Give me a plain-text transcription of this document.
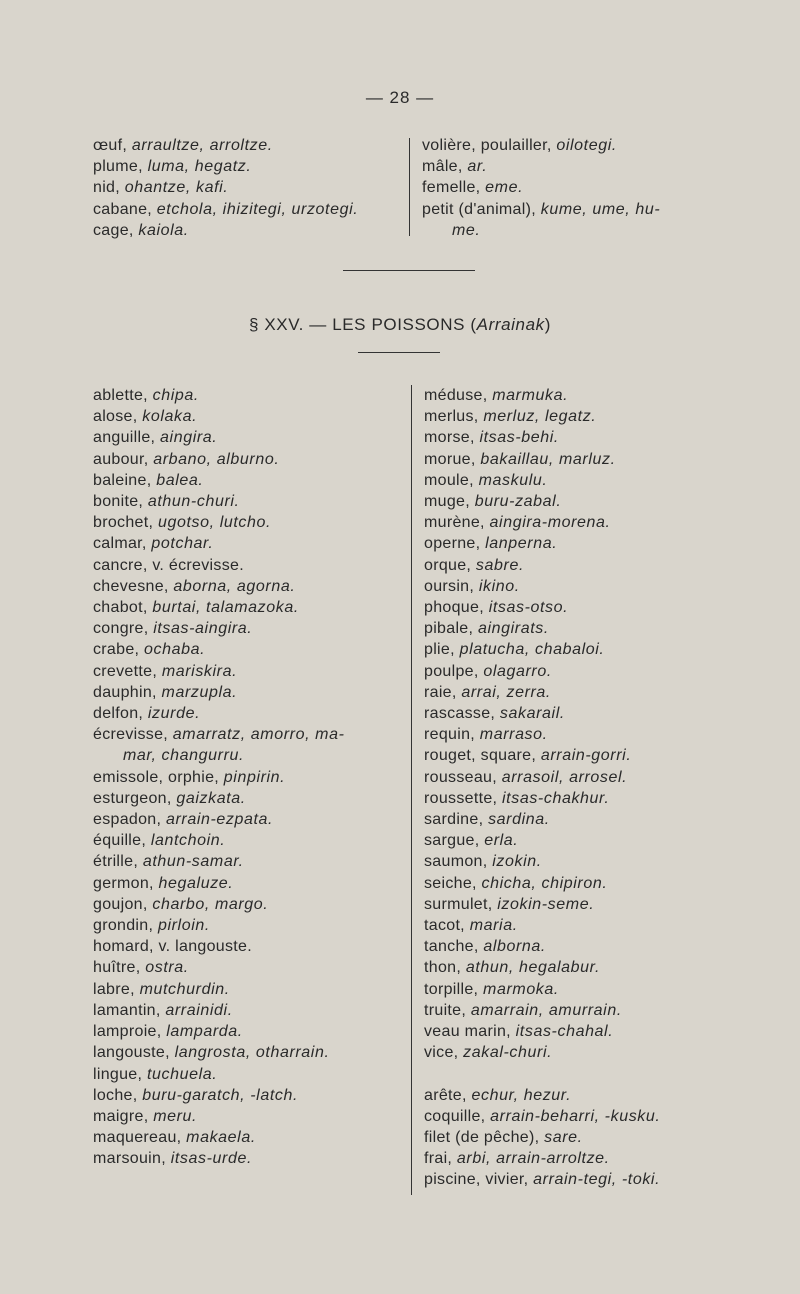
— 28 —
œuf, arraultze, arroltze.
plume, luma, hegatz.
nid, ohantze, kafi.
cabane, etchola, ihizitegi, urzotegi.
cage, kaiola.
volière, poulailler, oilotegi.
mâle, ar.
femelle, eme.
petit (d'animal), kume, ume, hu-
me.
§ XXV. — LES POISSONS (Arrainak)
ablette, chipa.
alose, kolaka.
anguille, aingira.
aubour, arbano, alburno.
baleine, balea.
bonite, athun-churi.
brochet, ugotso, lutcho.
calmar, potchar.
cancre, v. écrevisse.
chevesne, aborna, agorna.
chabot, burtai, talamazoka.
congre, itsas-aingira.
crabe, ochaba.
crevette, mariskira.
dauphin, marzupla.
delfon, izurde.
écrevisse, amarratz, amorro, ma-
mar, changurru.
emissole, orphie, pinpirin.
esturgeon, gaizkata.
espadon, arrain-ezpata.
équille, lantchoin.
étrille, athun-samar.
germon, hegaluze.
goujon, charbo, margo.
grondin, pirloin.
homard, v. langouste.
huître, ostra.
labre, mutchurdin.
lamantin, arrainidi.
lamproie, lamparda.
langouste, langrosta, otharrain.
lingue, tuchuela.
loche, buru-garatch, -latch.
maigre, meru.
maquereau, makaela.
marsouin, itsas-urde.
méduse, marmuka.
merlus, merluz, legatz.
morse, itsas-behi.
morue, bakaillau, marluz.
moule, maskulu.
muge, buru-zabal.
murène, aingira-morena.
operne, lanperna.
orque, sabre.
oursin, ikino.
phoque, itsas-otso.
pibale, aingirats.
plie, platucha, chabaloi.
poulpe, olagarro.
raie, arrai, zerra.
rascasse, sakarail.
requin, marraso.
rouget, square, arrain-gorri.
rousseau, arrasoil, arrosel.
roussette, itsas-chakhur.
sardine, sardina.
sargue, erla.
saumon, izokin.
seiche, chicha, chipiron.
surmulet, izokin-seme.
tacot, maria.
tanche, alborna.
thon, athun, hegalabur.
torpille, marmoka.
truite, amarrain, amurrain.
veau marin, itsas-chahal.
vice, zakal-churi.
arête, echur, hezur.
coquille, arrain-beharri, -kusku.
filet (de pêche), sare.
frai, arbi, arrain-arroltze.
piscine, vivier, arrain-tegi, -toki.
